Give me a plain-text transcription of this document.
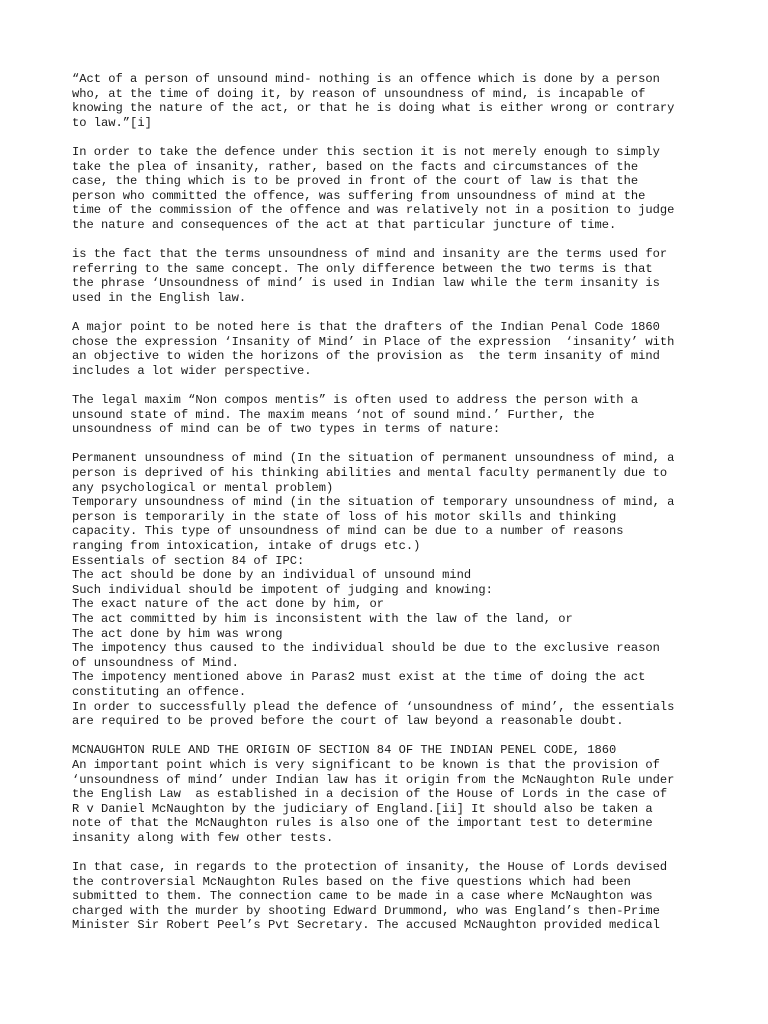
“Act of a person of unsound mind- nothing is an offence which is done by a person
who, at the time of doing it, by reason of unsoundness of mind, is incapable of
knowing the nature of the act, or that he is doing what is either wrong or contrary
to law.”[i]
In order to take the defence under this section it is not merely enough to simply
take the plea of insanity, rather, based on the facts and circumstances of the
case, the thing which is to be proved in front of the court of law is that the
person who committed the offence, was suffering from unsoundness of mind at the
time of the commission of the offence and was relatively not in a position to judge
the nature and consequences of the act at that particular juncture of time.
is the fact that the terms unsoundness of mind and insanity are the terms used for
referring to the same concept. The only difference between the two terms is that
the phrase ‘Unsoundness of mind’ is used in Indian law while the term insanity is
used in the English law.
A major point to be noted here is that the drafters of the Indian Penal Code 1860
chose the expression ‘Insanity of Mind’ in Place of the expression  ‘insanity’ with
an objective to widen the horizons of the provision as  the term insanity of mind
includes a lot wider perspective.
The legal maxim “Non compos mentis” is often used to address the person with a
unsound state of mind. The maxim means ‘not of sound mind.’ Further, the
unsoundness of mind can be of two types in terms of nature:
Permanent unsoundness of mind (In the situation of permanent unsoundness of mind, a
person is deprived of his thinking abilities and mental faculty permanently due to
any psychological or mental problem)
Temporary unsoundness of mind (in the situation of temporary unsoundness of mind, a
person is temporarily in the state of loss of his motor skills and thinking
capacity. This type of unsoundness of mind can be due to a number of reasons
ranging from intoxication, intake of drugs etc.)
Essentials of section 84 of IPC:
The act should be done by an individual of unsound mind
Such individual should be impotent of judging and knowing:
The exact nature of the act done by him, or
The act committed by him is inconsistent with the law of the land, or
The act done by him was wrong
The impotency thus caused to the individual should be due to the exclusive reason
of unsoundness of Mind.
The impotency mentioned above in Paras2 must exist at the time of doing the act
constituting an offence.
In order to successfully plead the defence of ‘unsoundness of mind’, the essentials
are required to be proved before the court of law beyond a reasonable doubt.
MCNAUGHTON RULE AND THE ORIGIN OF SECTION 84 OF THE INDIAN PENEL CODE, 1860
An important point which is very significant to be known is that the provision of
‘unsoundness of mind’ under Indian law has it origin from the McNaughton Rule under
the English Law  as established in a decision of the House of Lords in the case of
R v Daniel McNaughton by the judiciary of England.[ii] It should also be taken a
note of that the McNaughton rules is also one of the important test to determine
insanity along with few other tests.
In that case, in regards to the protection of insanity, the House of Lords devised
the controversial McNaughton Rules based on the five questions which had been
submitted to them. The connection came to be made in a case where McNaughton was
charged with the murder by shooting Edward Drummond, who was England’s then-Prime
Minister Sir Robert Peel’s Pvt Secretary. The accused McNaughton provided medical
